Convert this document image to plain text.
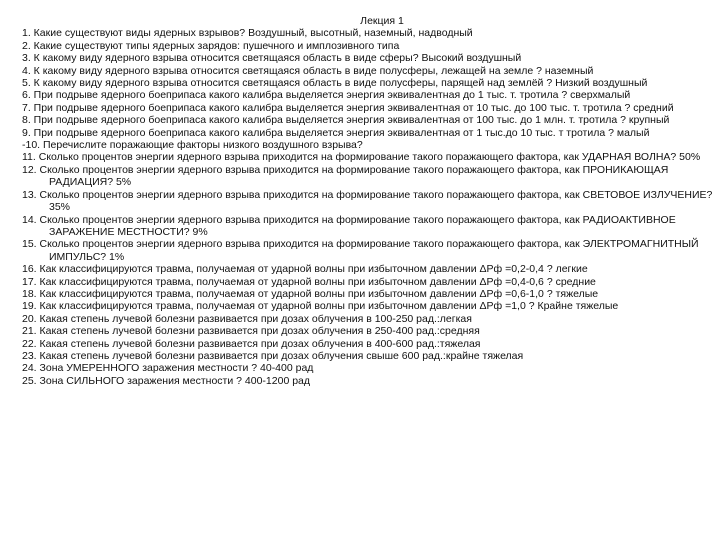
Лекция 1
1. Какие существуют виды ядерных взрывов? Воздушный, высотный, наземный, надводный
2. Какие существуют типы ядерных зарядов: пушечного и имплозивного типа
3. К какому виду ядерного взрыва относится светящаяся область в виде сферы? Высокий воздушный
4. К какому виду ядерного взрыва относится светящаяся область в виде полусферы, лежащей на земле ? наземный
5. К какому виду ядерного взрыва относится светящаяся область в виде полусферы, парящей над землёй ? Низкий воздушный
6. При подрыве ядерного боеприпаса какого калибра выделяется энергия эквивалентная до 1 тыс. т. тротила ? сверхмалый
7. При подрыве ядерного боеприпаса какого калибра выделяется энергия эквивалентная от 10 тыс. до 100 тыс. т. тротила ? средний
8. При подрыве ядерного боеприпаса какого калибра выделяется энергия эквивалентная от 100 тыс. до 1 млн. т. тротила ? крупный
9. При подрыве ядерного боеприпаса какого калибра выделяется энергия эквивалентная от 1 тыс.до 10 тыс. т тротила ? малый
-10. Перечислите поражающие факторы низкого воздушного взрыва?
11. Сколько процентов энергии ядерного взрыва приходится на формирование такого поражающего фактора, как УДАРНАЯ ВОЛНА? 50%
12. Сколько процентов энергии ядерного взрыва приходится на формирование такого поражающего фактора, как ПРОНИКАЮЩАЯ РАДИАЦИЯ? 5%
13. Сколько процентов энергии ядерного взрыва приходится на формирование такого поражающего фактора, как СВЕТОВОЕ ИЗЛУЧЕНИЕ? 35%
14. Сколько процентов энергии ядерного взрыва приходится на формирование такого поражающего фактора, как РАДИОАКТИВНОЕ ЗАРАЖЕНИЕ МЕСТНОСТИ? 9%
15. Сколько процентов энергии ядерного взрыва приходится на формирование такого поражающего фактора, как ЭЛЕКТРОМАГНИТНЫЙ ИМПУЛЬС? 1%
16. Как классифицируются травма, получаемая от ударной волны при избыточном давлении ΔРф =0,2-0,4 ? легкие
17. Как классифицируются травма, получаемая от ударной волны при избыточном давлении ΔРф =0,4-0,6 ? средние
18. Как классифицируются травма, получаемая от ударной волны при избыточном давлении ΔРф =0,6-1,0 ? тяжелые
19. Как классифицируются травма, получаемая от ударной волны при избыточном давлении ΔРф =1,0 ? Крайне тяжелые
20. Какая степень лучевой болезни развивается при дозах облучения в 100-250 рад.:легкая
21. Какая степень лучевой болезни развивается при дозах облучения в 250-400 рад.:средняя
22. Какая степень лучевой болезни развивается при дозах облучения в 400-600 рад.:тяжелая
23. Какая степень лучевой болезни развивается при дозах облучения свыше 600 рад.:крайне тяжелая
24. Зона УМЕРЕННОГО заражения местности ? 40-400 рад
25. Зона СИЛЬНОГО заражения местности ? 400-1200 рад
